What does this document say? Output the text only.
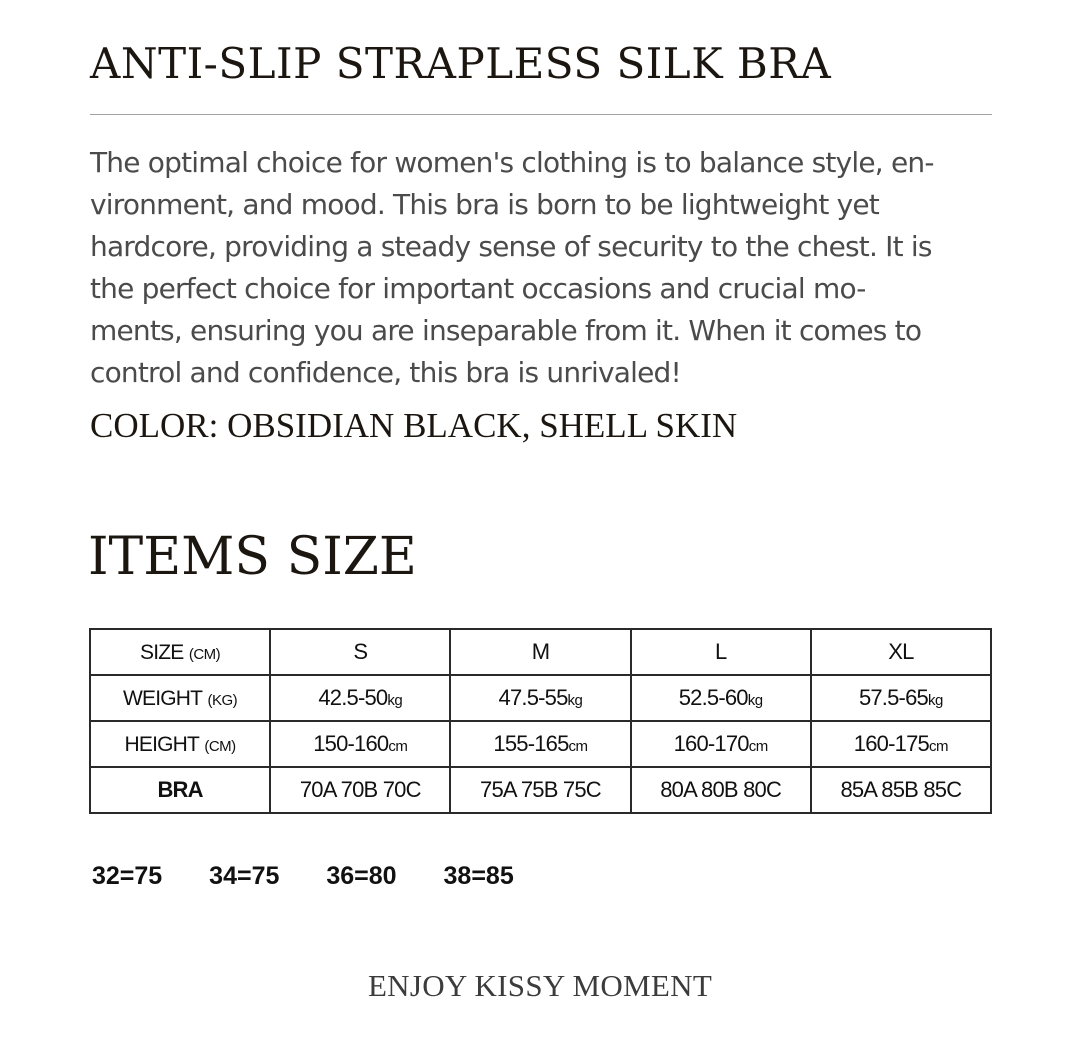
ANTI-SLIP STRAPLESS SILK BRA

The optimal choice for women's clothing is to balance style, en-
vironment, and mood. This bra is born to be lightweight yet
hardcore, providing a steady sense of security to the chest. It is
the perfect choice for important occasions and crucial mo-
ments, ensuring you are inseparable from it. When it comes to
control and confidence, this bra is unrivaled!

COLOR: OBSIDIAN BLACK, SHELL SKIN

ITEMS SIZE
SIZE (CM)	S	M	L	XL
WEIGHT (KG)	42.5-50kg	47.5-55kg	52.5-60kg	57.5-65kg
HEIGHT (CM)	150-160cm	155-165cm	160-170cm	160-175cm
BRA	70A 70B 70C	75A 75B 75C	80A 80B 80C	85A 85B 85C
32=75 34=75 36=80 38=85
ENJOY KISSY MOMENT
